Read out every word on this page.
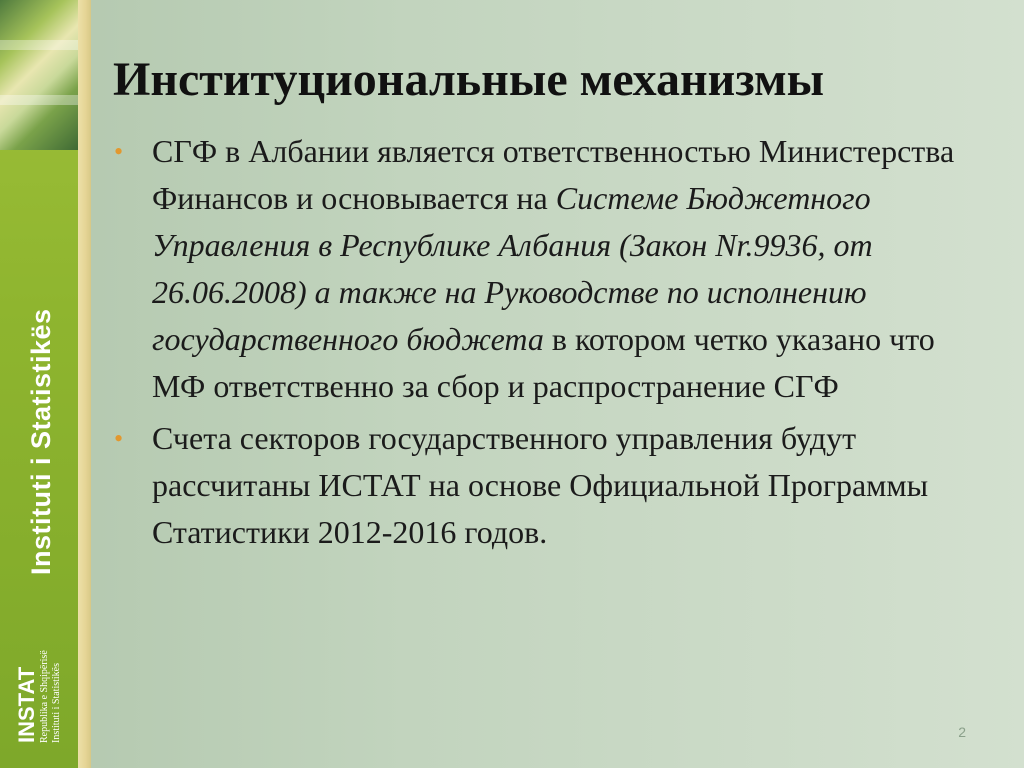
Instituti i Statistikës
INSTAT Republika e Shqipërisë Instituti i Statistikës
Институциональные механизмы
• СГФ в Албании является ответственностью Министерства Финансов и основывается на Системе Бюджетного Управления в Республике Албания (Закон Nr.9936, от 26.06.2008) а также на Руководстве по исполнению государственного бюджета в котором четко указано что МФ ответственно за сбор и распространение СГФ
• Счета секторов государственного управления будут рассчитаны ИСТАТ на основе Официальной Программы Статистики 2012-2016 годов.
2
